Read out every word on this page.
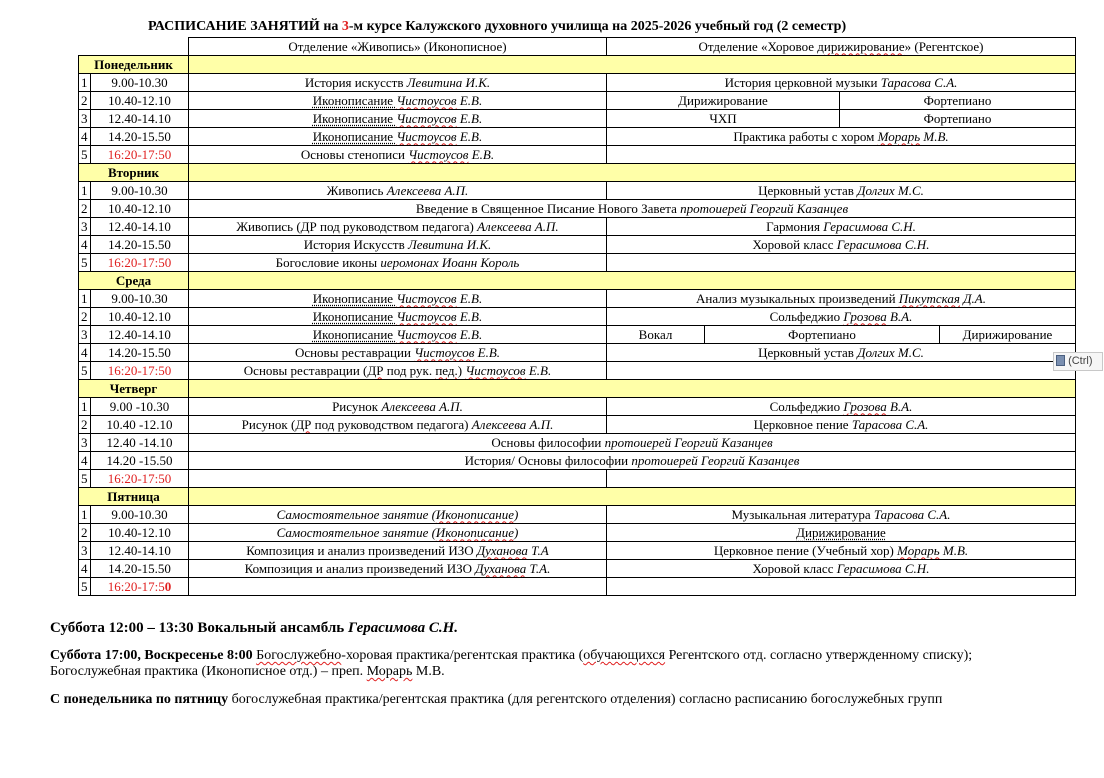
РАСПИСАНИЕ ЗАНЯТИЙ на 3-м курсе Калужского духовного училища на 2025-2026 учебный год (2 семестр)
		Отделение «Живопись» (Иконописное)	Отделение «Хоровое дирижирование» (Регентское)			
Понедельник						
1	9.00-10.30	История искусств Левитина И.К.	История церковной музыки Тарасова С.А.			
2	10.40-12.10	Иконописание Чистоусов Е.В.	Дирижирование		Фортепиано	
3	12.40-14.10	Иконописание Чистоусов Е.В.	ЧХП		Фортепиано	
4	14.20-15.50	Иконописание Чистоусов Е.В.	Практика работы с хором Морарь М.В.			
5	16:20-17:50	Основы стенописи Чистоусов Е.В.				
Вторник						
1	9.00-10.30	Живопись Алексеева А.П.	Церковный устав Долгих М.С.			
2	10.40-12.10	Введение в Священное Писание Нового Завета протоиерей Георгий Казанцев				
3	12.40-14.10	Живопись (ДР под руководством педагога) Алексеева А.П.	Гармония Герасимова С.Н.			
4	14.20-15.50	История Искусств Левитина И.К.	Хоровой класс Герасимова С.Н.			
5	16:20-17:50	Богословие иконы иеромонах Иоанн Король				
Среда						
1	9.00-10.30	Иконописание Чистоусов Е.В.	Анализ музыкальных произведений Пикутская Д.А.			
2	10.40-12.10	Иконописание Чистоусов Е.В.	Сольфеджио Грозова В.А.			
3	12.40-14.10	Иконописание Чистоусов Е.В.	Вокал	Фортепиано		Дирижирование
4	14.20-15.50	Основы реставрации Чистоусов Е.В.	Церковный устав Долгих М.С.			
5	16:20-17:50	Основы реставрации (ДР под рук. пед.) Чистоусов Е.В.				
Четверг						
1	9.00 -10.30	Рисунок Алексеева А.П.	Сольфеджио Грозова В.А.			
2	10.40 -12.10	Рисунок (ДР под руководством педагога) Алексеева А.П.	Церковное пение Тарасова С.А.			
3	12.40 -14.10	Основы философии протоиерей Георгий Казанцев				
4	14.20 -15.50	История/ Основы философии протоиерей Георгий Казанцев				
5	16:20-17:50					
Пятница						
1	9.00-10.30	Самостоятельное занятие (Иконописание)	Музыкальная литература Тарасова С.А.			
2	10.40-12.10	Самостоятельное занятие (Иконописание)	Дирижирование			
3	12.40-14.10	Композиция и анализ произведений ИЗО Духанова Т.А	Церковное пение (Учебный хор) Морарь М.В.			
4	14.20-15.50	Композиция и анализ произведений ИЗО Духанова Т.А.	Хоровой класс Герасимова С.Н.			
5	16:20-17:50					
(Ctrl)
Суббота 12:00 – 13:30 Вокальный ансамбль Герасимова С.Н.
Суббота 17:00, Воскресенье 8:00 Богослужебно-хоровая практика/регентская практика (обучающихся Регентского отд. согласно утвержденному списку);
Богослужебная практика (Иконописное отд.) – преп. Морарь М.В.
С понедельника по пятницу богослужебная практика/регентская практика (для регентского отделения) согласно расписанию богослужебных групп
